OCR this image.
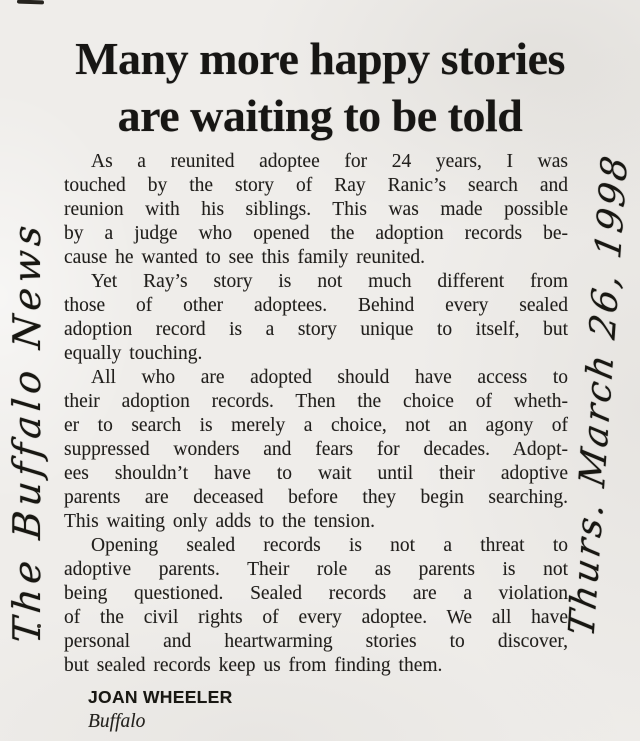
Many more happy stories
are waiting to be told
As a reunited adoptee for 24 years, I was
touched by the story of Ray Ranic’s search and
reunion with his siblings. This was made possible
by a judge who opened the adoption records be-
cause he wanted to see this family reunited.
Yet Ray’s story is not much different from
those of other adoptees. Behind every sealed
adoption record is a story unique to itself, but
equally touching.
All who are adopted should have access to
their adoption records. Then the choice of wheth-
er to search is merely a choice, not an agony of
suppressed wonders and fears for decades. Adopt-
ees shouldn’t have to wait until their adoptive
parents are deceased before they begin searching.
This waiting only adds to the tension.
Opening sealed records is not a threat to
adoptive parents. Their role as parents is not
being questioned. Sealed records are a violation
of the civil rights of every adoptee. We all have
personal and heartwarming stories to discover,
but sealed records keep us from finding them.
JOAN WHEELER
Buffalo
The Buffalo News	Thurs. March 26, 1998
